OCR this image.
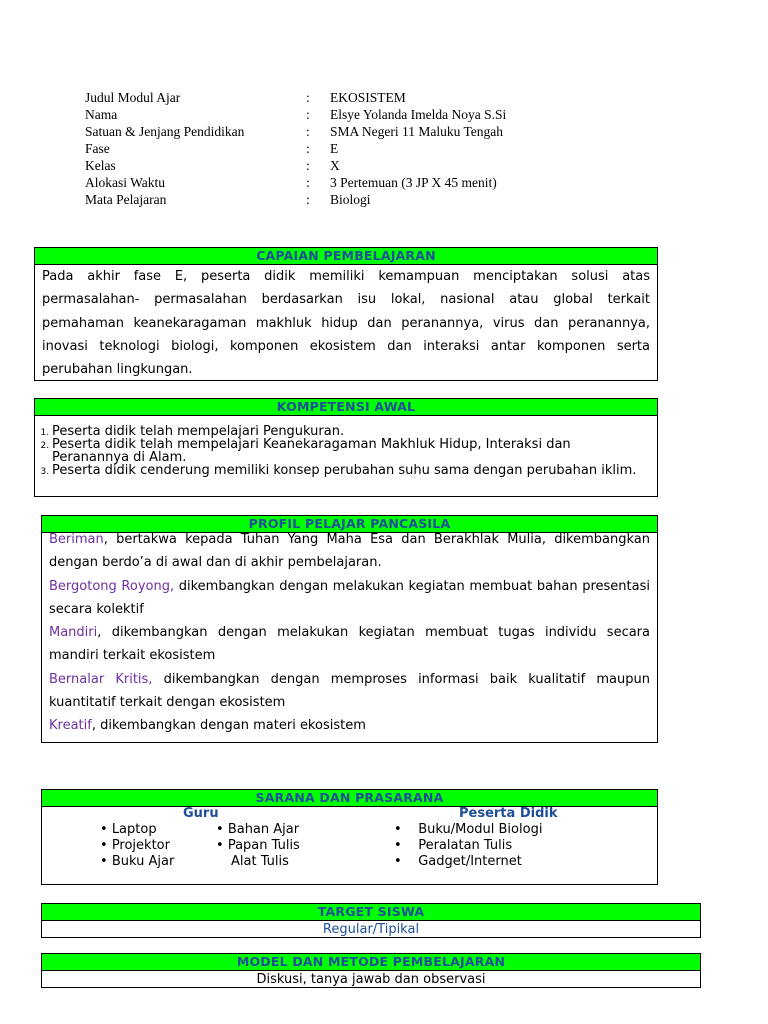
Judul Modul Ajar	: EKOSISTEM
Nama	: Elsye Yolanda Imelda Noya S.Si
Satuan & Jenjang Pendidikan	: SMA Negeri 11 Maluku Tengah
Fase	: E
Kelas	: X
Alokasi Waktu	: 3 Pertemuan (3 JP X 45 menit)
Mata Pelajaran	: Biologi
CAPAIAN PEMBELAJARAN
Pada akhir fase E, peserta didik memiliki kemampuan menciptakan solusi atas permasalahan- permasalahan berdasarkan isu lokal, nasional atau global terkait pemahaman keanekaragaman makhluk hidup dan peranannya, virus dan peranannya, inovasi teknologi biologi, komponen ekosistem dan interaksi antar komponen serta perubahan lingkungan.
KOMPETENSI AWAL
1. Peserta didik telah mempelajari Pengukuran.
2. Peserta didik telah mempelajari Keanekaragaman Makhluk Hidup, Interaksi dan Peranannya di Alam.
3. Peserta didik cenderung memiliki konsep perubahan suhu sama dengan perubahan iklim.
PROFIL PELAJAR PANCASILA
Beriman, bertakwa kepada Tuhan Yang Maha Esa dan Berakhlak Mulia, dikembangkan dengan berdo’a di awal dan di akhir pembelajaran.
Bergotong Royong, dikembangkan dengan melakukan kegiatan membuat bahan presentasi secara kolektif
Mandiri, dikembangkan dengan melakukan kegiatan membuat tugas individu secara mandiri terkait ekosistem
Bernalar Kritis, dikembangkan dengan memproses informasi baik kualitatif maupun kuantitatif terkait dengan ekosistem
Kreatif, dikembangkan dengan materi ekosistem
SARANA DAN PRASARANA
Guru	Peserta Didik
• Laptop
• Projektor
• Buku Ajar
• Bahan Ajar
• Papan Tulis
Alat Tulis
•    Buku/Modul Biologi
•    Peralatan Tulis
•    Gadget/Internet
TARGET SISWA
Regular/Tipikal
MODEL DAN METODE PEMBELAJARAN
Diskusi, tanya jawab dan observasi
